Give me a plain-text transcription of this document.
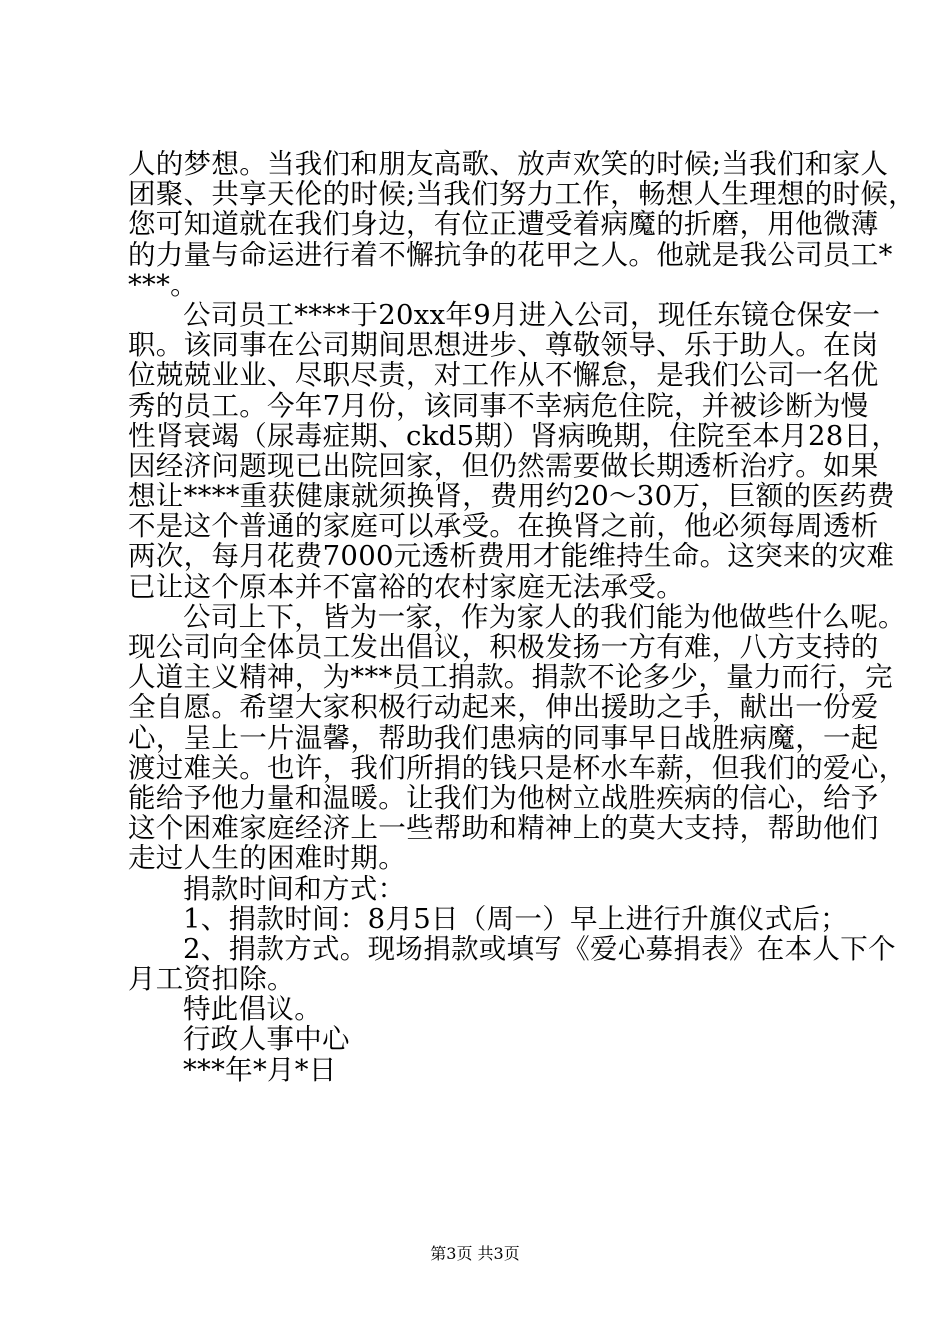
人的梦想。当我们和朋友高歌、放声欢笑的时候;当我们和家人
团聚、共享天伦的时候;当我们努力工作，畅想人生理想的时候，
您可知道就在我们身边，有位正遭受着病魔的折磨，用他微薄
的力量与命运进行着不懈抗争的花甲之人。他就是我公司员工*
***。
公司员工****于20xx年9月进入公司，现任东镜仓保安一
职。该同事在公司期间思想进步、尊敬领导、乐于助人。在岗
位兢兢业业、尽职尽责，对工作从不懈怠，是我们公司一名优
秀的员工。今年7月份，该同事不幸病危住院，并被诊断为慢
性肾衰竭（尿毒症期、ckd5期）肾病晚期，住院至本月28日，
因经济问题现已出院回家，但仍然需要做长期透析治疗。如果
想让****重获健康就须换肾，费用约20～30万，巨额的医药费
不是这个普通的家庭可以承受。在换肾之前，他必须每周透析
两次，每月花费7000元透析费用才能维持生命。这突来的灾难
已让这个原本并不富裕的农村家庭无法承受。
公司上下，皆为一家，作为家人的我们能为他做些什么呢。
现公司向全体员工发出倡议，积极发扬一方有难，八方支持的
人道主义精神，为***员工捐款。捐款不论多少，量力而行，完
全自愿。希望大家积极行动起来，伸出援助之手，献出一份爱
心，呈上一片温馨，帮助我们患病的同事早日战胜病魔，一起
渡过难关。也许，我们所捐的钱只是杯水车薪，但我们的爱心，
能给予他力量和温暖。让我们为他树立战胜疾病的信心，给予
这个困难家庭经济上一些帮助和精神上的莫大支持，帮助他们
走过人生的困难时期。
捐款时间和方式：
1、捐款时间：8月5日（周一）早上进行升旗仪式后；
2、捐款方式。现场捐款或填写《爱心募捐表》在本人下个
月工资扣除。
特此倡议。
行政人事中心
***年*月*日
第3页 共3页
